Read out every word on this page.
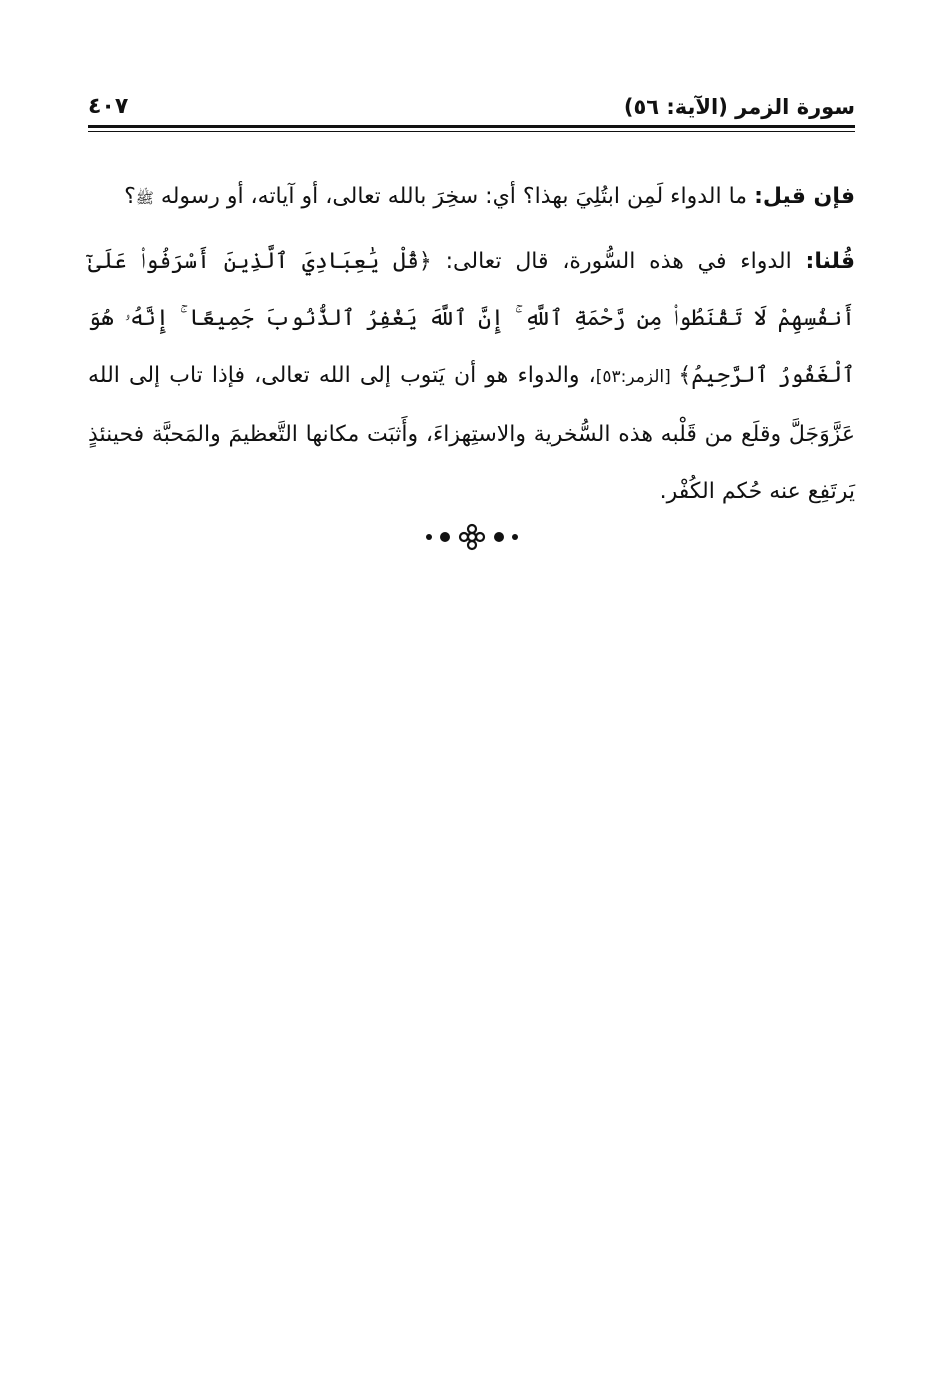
سورة الزمر (الآية: ٥٦)
٤٠٧

فإن قيل: ما الدواء لَمِن ابتُلِيَ بهذا؟ أي: سخِرَ بالله تعالى، أو آياته، أو رسوله ﷺ؟

قُلنا: الدواء في هذه السُّورة، قال تعالى: ﴿قُلْ يَٰعِبَادِيَ ٱلَّذِينَ أَسْرَفُوا۟ عَلَىٰٓ أَنفُسِهِمْ لَا تَقْنَطُوا۟ مِن رَّحْمَةِ ٱللَّهِ ۚ إِنَّ ٱللَّهَ يَغْفِرُ ٱلذُّنُوبَ جَمِيعًا ۚ إِنَّهُۥ هُوَ ٱلْغَفُورُ ٱلرَّحِيمُ﴾ [الزمر:٥٣]، والدواء هو أن يَتوب إلى الله تعالى، فإذا تاب إلى الله عَزَّوَجَلَّ وقلَع من قَلْبه هذه السُّخرية والاستِهزاءَ، وأَثبَت مكانها التَّعظيمَ والمَحبَّة فحينئذٍ يَرتَفِع عنه حُكم الكُفْر.
